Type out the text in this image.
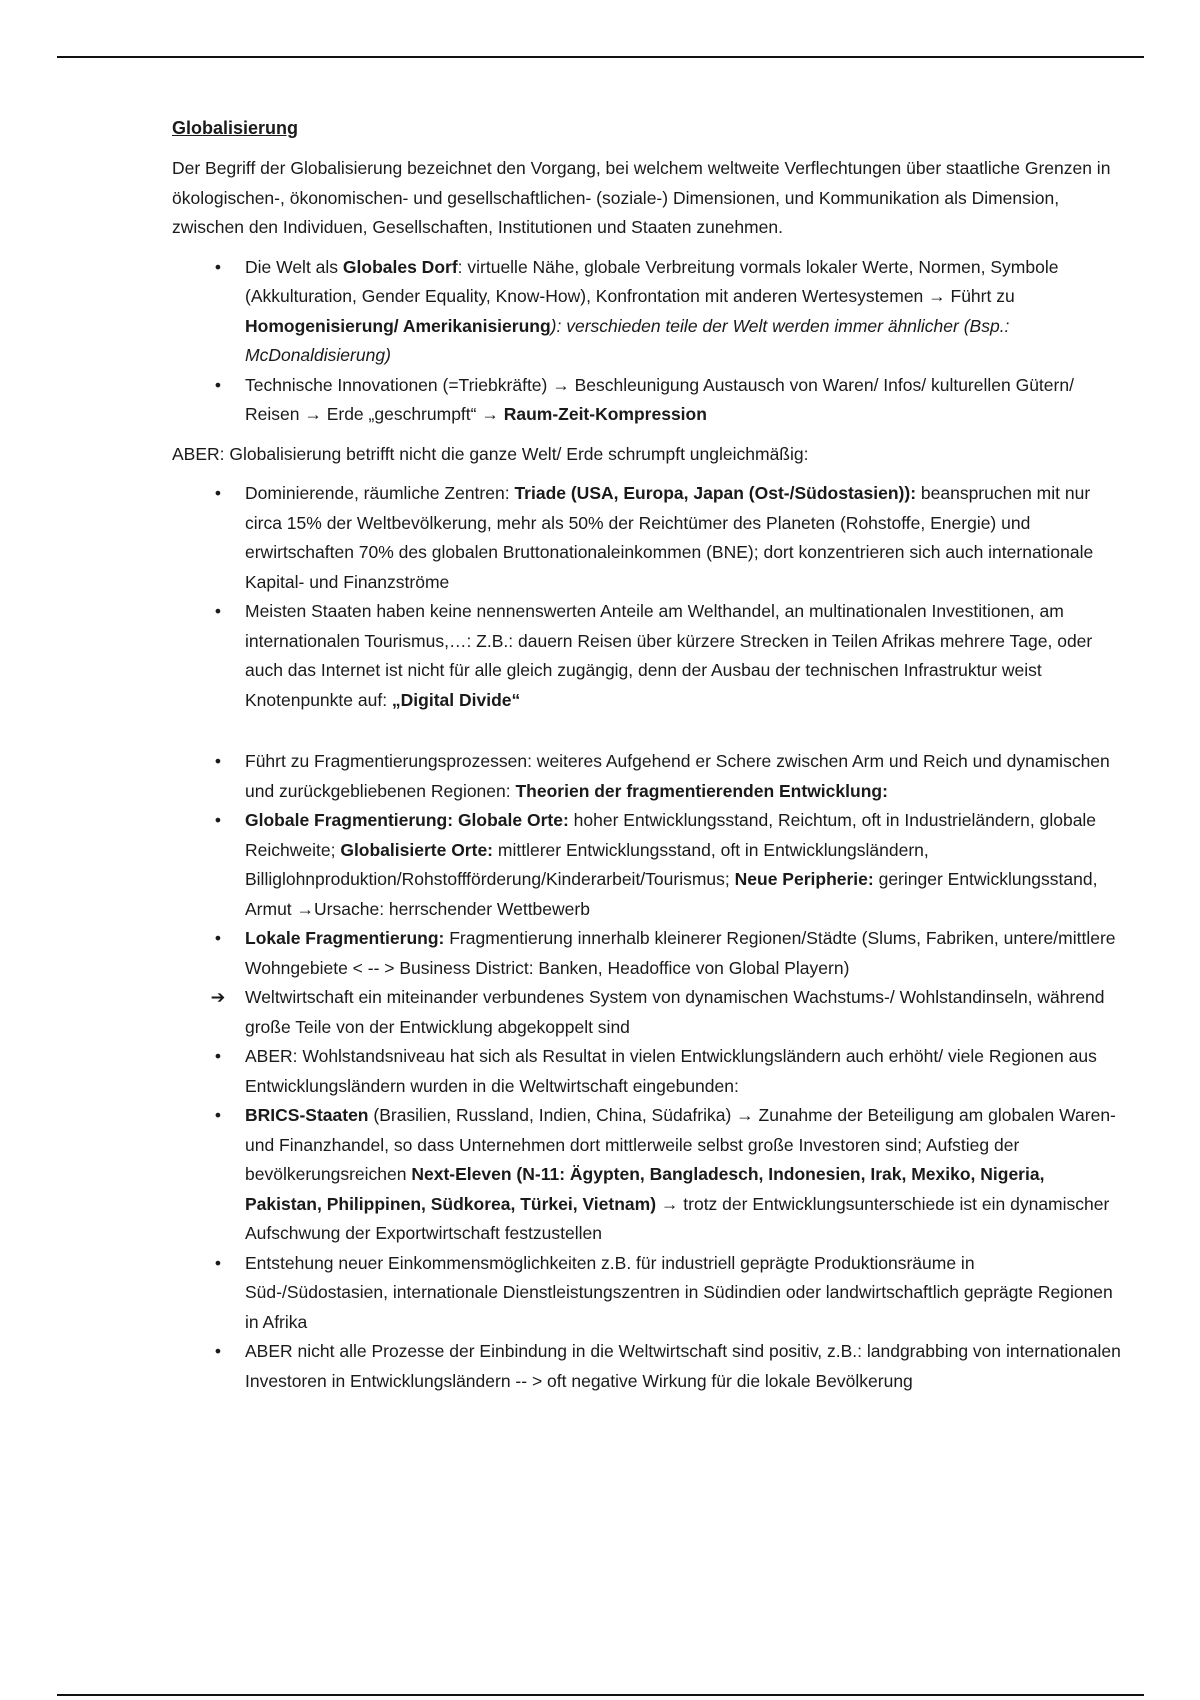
Globalisierung

Der Begriff der Globalisierung bezeichnet den Vorgang, bei welchem weltweite Verflechtungen über staatliche Grenzen in ökologischen-, ökonomischen- und gesellschaftlichen- (soziale-) Dimensionen, und Kommunikation als Dimension, zwischen den Individuen, Gesellschaften, Institutionen und Staaten zunehmen.

•	Die Welt als Globales Dorf: virtuelle Nähe, globale Verbreitung vormals lokaler Werte, Normen, Symbole (Akkulturation, Gender Equality, Know-How), Konfrontation mit anderen Wertesystemen → Führt zu Homogenisierung/ Amerikanisierung): verschieden teile der Welt werden immer ähnlicher (Bsp.: McDonaldisierung)
•	Technische Innovationen (=Triebkräfte) → Beschleunigung Austausch von Waren/ Infos/ kulturellen Gütern/ Reisen → Erde „geschrumpft“ → Raum-Zeit-Kompression

ABER: Globalisierung betrifft nicht die ganze Welt/ Erde schrumpft ungleichmäßig:

•	Dominierende, räumliche Zentren: Triade (USA, Europa, Japan (Ost-/Südostasien)): beanspruchen mit nur circa 15% der Weltbevölkerung, mehr als 50% der Reichtümer des Planeten (Rohstoffe, Energie) und erwirtschaften 70% des globalen Bruttonationaleinkommen (BNE); dort konzentrieren sich auch internationale Kapital- und Finanzströme
•	Meisten Staaten haben keine nennenswerten Anteile am Welthandel, an multinationalen Investitionen, am internationalen Tourismus,…: Z.B.: dauern Reisen über kürzere Strecken in Teilen Afrikas mehrere Tage, oder auch das Internet ist nicht für alle gleich zugängig, denn der Ausbau der technischen Infrastruktur weist Knotenpunkte auf: „Digital Divide“
•	Führt zu Fragmentierungsprozessen: weiteres Aufgehend er Schere zwischen Arm und Reich und dynamischen und zurückgebliebenen Regionen: Theorien der fragmentierenden Entwicklung:
•	Globale Fragmentierung: Globale Orte: hoher Entwicklungsstand, Reichtum, oft in Industrieländern, globale Reichweite; Globalisierte Orte: mittlerer Entwicklungsstand, oft in Entwicklungsländern, Billiglohnproduktion/Rohstoffförderung/Kinderarbeit/Tourismus; Neue Peripherie: geringer Entwicklungsstand, Armut →Ursache: herrschender Wettbewerb
•	Lokale Fragmentierung: Fragmentierung innerhalb kleinerer Regionen/Städte (Slums, Fabriken, untere/mittlere Wohngebiete < -- > Business District: Banken, Headoffice von Global Playern)
➔ Weltwirtschaft ein miteinander verbundenes System von dynamischen Wachstums-/ Wohlstandinseln, während große Teile von der Entwicklung abgekoppelt sind
•	ABER: Wohlstandsniveau hat sich als Resultat in vielen Entwicklungsländern auch erhöht/ viele Regionen aus Entwicklungsländern wurden in die Weltwirtschaft eingebunden:
•	BRICS-Staaten (Brasilien, Russland, Indien, China, Südafrika) → Zunahme der Beteiligung am globalen Waren- und Finanzhandel, so dass Unternehmen dort mittlerweile selbst große Investoren sind; Aufstieg der bevölkerungsreichen Next-Eleven (N-11: Ägypten, Bangladesch, Indonesien, Irak, Mexiko, Nigeria, Pakistan, Philippinen, Südkorea, Türkei, Vietnam) → trotz der Entwicklungsunterschiede ist ein dynamischer Aufschwung der Exportwirtschaft festzustellen
•	Entstehung neuer Einkommensmöglichkeiten z.B. für industriell geprägte Produktionsräume in Süd-/Südostasien, internationale Dienstleistungszentren in Südindien oder landwirtschaftlich geprägte Regionen in Afrika
•	ABER nicht alle Prozesse der Einbindung in die Weltwirtschaft sind positiv, z.B.: landgrabbing von internationalen Investoren in Entwicklungsländern -- > oft negative Wirkung für die lokale Bevölkerung
